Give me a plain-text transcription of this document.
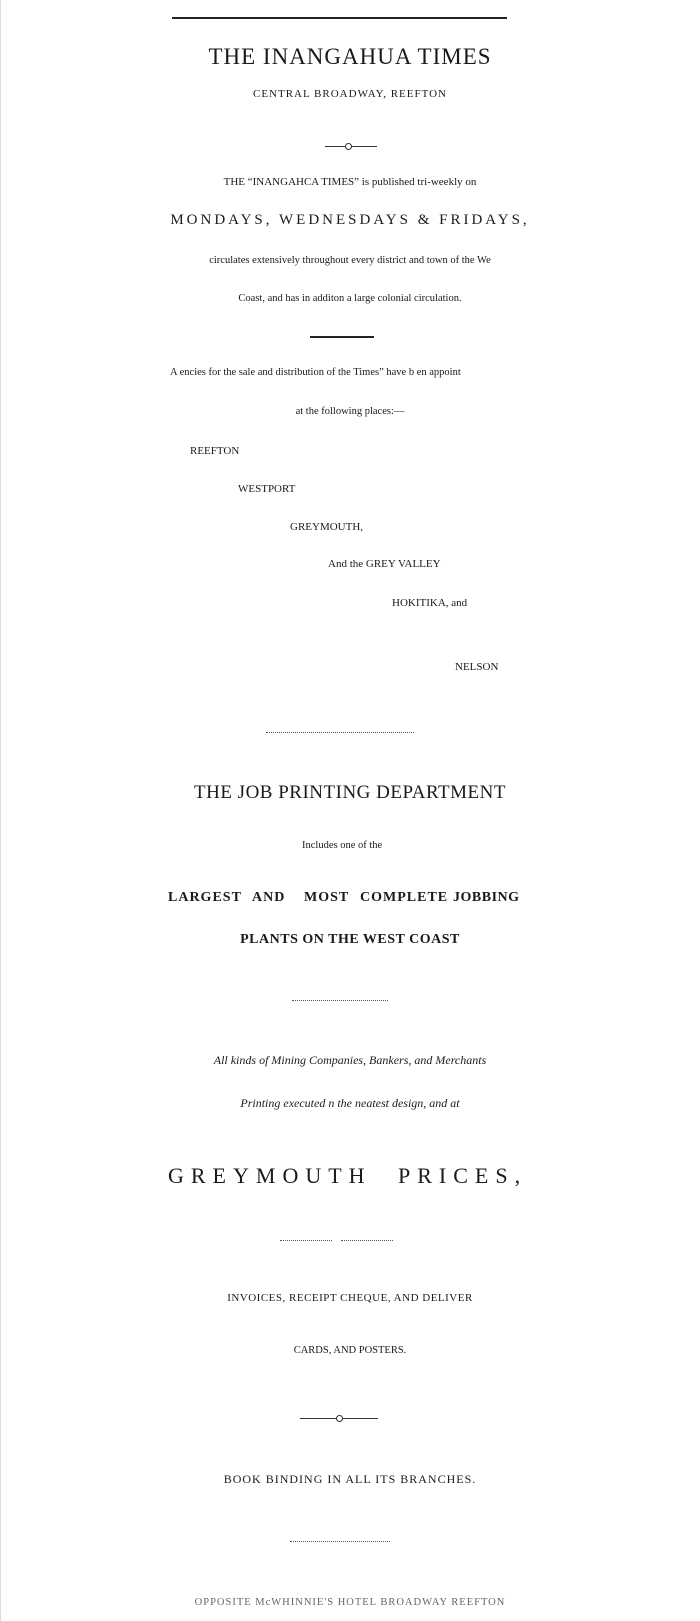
THE INANGAHUA TIMES
CENTRAL BROADWAY, REEFTON
THE “INANGAHCA TIMES” is published tri-weekly on
MONDAYS, WEDNESDAYS & FRIDAYS,
circulates extensively throughout every district and town of the We
Coast, and has in additon a large colonial circulation.
A encies for the sale and distribution of the Times” have b en appoint
at the following places:—
REEFTON
WESTPORT
GREYMOUTH,
And the GREY VALLEY
HOKITIKA, and
NELSON
THE JOB PRINTING DEPARTMENT
Includes one of the
LARGEST AND MOST COMPLETE JOBBING
PLANTS ON THE WEST COAST
All kinds of Mining Companies, Bankers, and Merchants
Printing executed n the neatest design, and at
GREYMOUTH PRICES,
INVOICES, RECEIPT CHEQUE, AND DELIVER
CARDS, AND POSTERS.
BOOK BINDING IN ALL ITS BRANCHES.
OPPOSITE McWHINNIE'S HOTEL BROADWAY REEFTON
